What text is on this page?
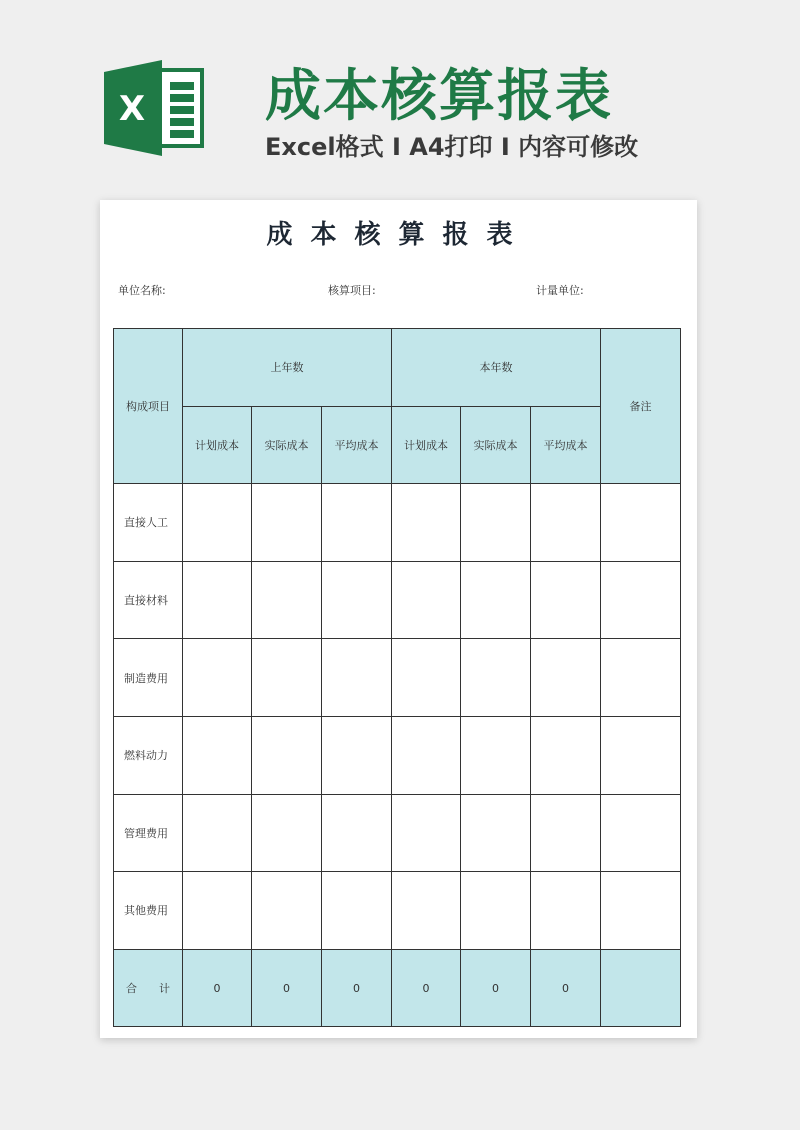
X 成本核算报表
Excel格式 I A4打印 I 内容可修改
成本核算报表
单位名称:	核算项目:	计量单位:
构成项目	上年数			本年数			备注
	计划成本	实际成本	平均成本	计划成本	实际成本	平均成本	
直接人工							
直接材料							
制造费用							
燃料动力							
管理费用							
其他费用							
合　　计	0	0	0	0	0	0	
